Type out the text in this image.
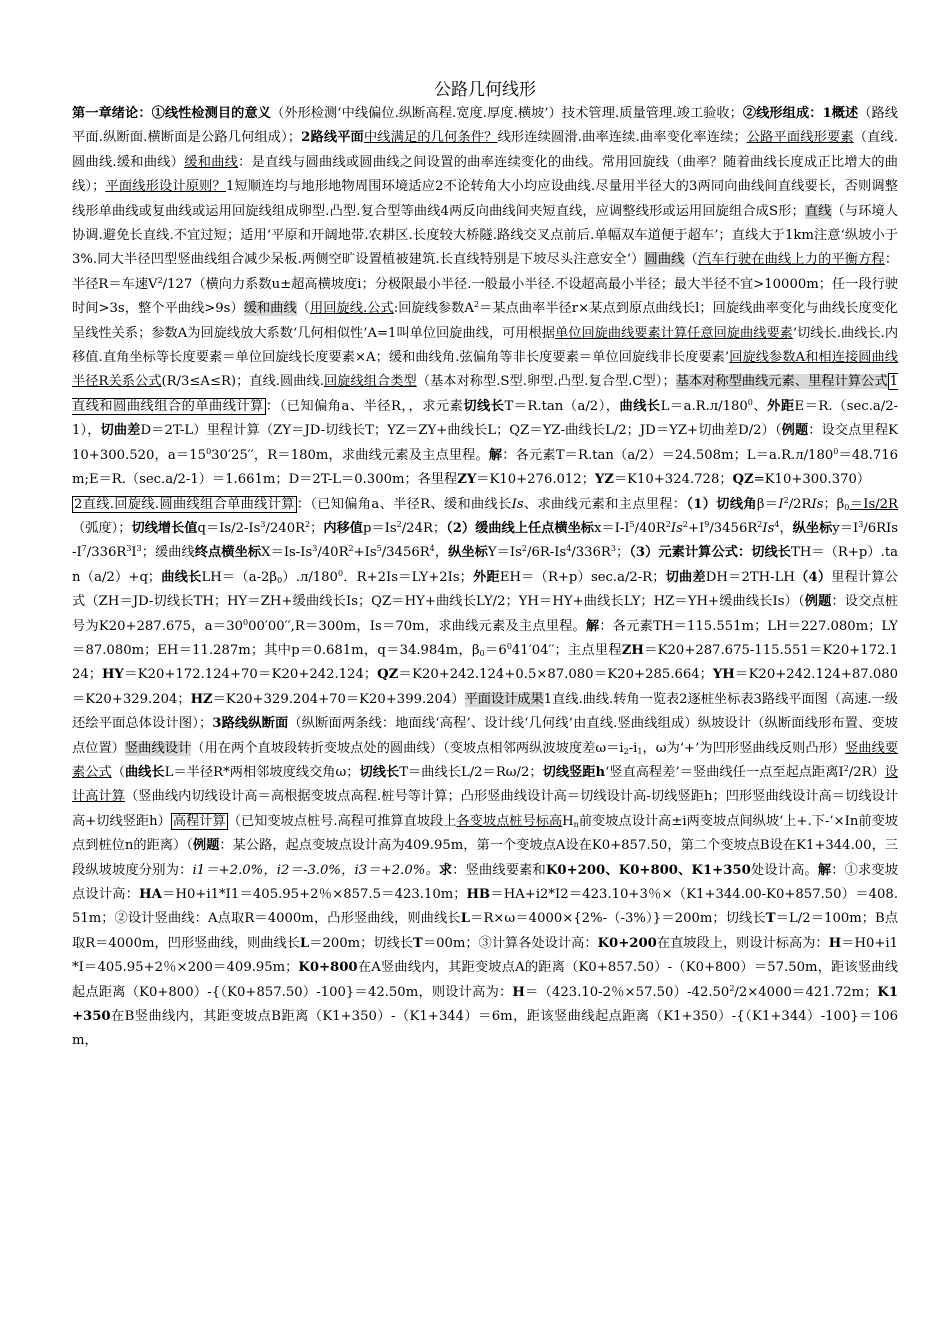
公路几何线形

第一章绪论：①线性检测目的意义（外形检测‘中线偏位.纵断高程.宽度.厚度.横坡’）技术管理.质量管理.竣工验收；②线形组成：1概述（路线平面.纵断面.横断面是公路几何组成）；2路线平面中线满足的几何条件？线形连续圆滑.曲率连续.曲率变化率连续；公路平面线形要素（直线.圆曲线.缓和曲线）缓和曲线：是直线与圆曲线或圆曲线之间设置的曲率连续变化的曲线。常用回旋线（曲率？随着曲线长度成正比增大的曲线）；平面线形设计原则？1短顺连均与地形地物周围环境适应2不论转角大小均应设曲线.尽量用半径大的3两同向曲线间直线要长，否则调整线形单曲线或复曲线或运用回旋线组成卵型.凸型.复合型等曲线4两反向曲线间夹短直线，应调整线形或运用回旋组合成S形；直线（与环境人协调.避免长直线.不宜过短；适用‘平原和开阔地带.农耕区.长度较大桥隧.路线交叉点前后.单幅双车道便于超车’；直线大于1km注意‘纵坡小于3%.同大半径凹型竖曲线组合减少呆板.两侧空旷设置植被建筑.长直线特别是下坡尽头注意安全’）圆曲线（汽车行驶在曲线上力的平衡方程：半径R＝车速$V^2/127$（横向力系数u±超高横坡度i；分极限最小半径.一般最小半径.不设超高最小半径；最大半径不宜>10000m；任一段行驶时间>3s，整个平曲线>9s）缓和曲线（用回旋线.公式:回旋线参数$A^2=$某点曲率半径r×某点到原点曲线长l；回旋线曲率变化与曲线长度变化呈线性关系；参数A为回旋线放大系数‘几何相似性’A=1叫单位回旋曲线，可用根据单位回旋曲线要素计算任意回旋曲线要素‘切线长.曲线长.内移值.直角坐标等长度要素＝单位回旋线长度要素×A；缓和曲线角.弦偏角等非长度要素＝单位回旋线非长度要素’回旋线参数A和相连接圆曲线半径R关系公式(R/3≤A≤R)；直线.圆曲线.回旋线组合类型（基本对称型.S型.卵型.凸型.复合型.C型）；基本对称型曲线元素、里程计算公式 1直线和圆曲线组合的单曲线计算 ：（已知偏角a、半径R，，求元素切线长T＝R.tan（a/2），曲线长$L=a.R.л/180^0$、外距E＝R.（sec.a/2-1），切曲差D＝2T-L）里程计算（ZY＝JD-切线长T；YZ＝ZY+曲线长L；QZ＝YZ-曲线长L/2；JD＝YZ+切曲差D/2）（例题：设交点里程K10+300.520，$a=15^030'25''$，R＝180m，求曲线元素及主点里程。解：各元素T＝R.tan（a/2）＝24.508m；$L=a.R.л/180^0=48.716m;E=R.(\sec.a/2-1)=1.661m$；D＝2T-L＝0.300m；各里程ZY＝K10+276.012；YZ＝K10+324.728；QZ=K10+300.370）

2直线.回旋线.圆曲线组合单曲线计算 ：（已知偏角a、半径R、缓和曲线长Is、求曲线元素和主点里程：（1）切线角$\beta=I^2/2RIs$；$\beta_0=Is/2R$（弧度）；切线增长值$q=Is/2-Is^3/240R^2$；内移值$p=Is^2/24R$；（2）缓曲线上任点横坐标$x=I-I^5/40R^2Is^2+I^9/3456R^2Is^4$，纵坐标$y=I^3/6RIs-I^7/336R^3I^3$；缓曲线终点横坐标$X=Is-Is^3/40R^2+Is^5/3456R^4$，纵坐标$Y=Is^2/6R-Is^4/336R^3$；（3）元素计算公式：切线长TH＝（R+p）.tan（a/2）+q；曲线长$LH=(a-2\beta_0).л/180^0$．R+2Is＝LY+2Is；外距EH＝（R+p）sec.a/2-R；切曲差DH＝2TH-LH（4）里程计算公式（ZH＝JD-切线长TH；HY＝ZH+缓曲线长Is；QZ＝HY+曲线长LY/2；YH＝HY+曲线长LY；HZ＝YH+缓曲线长Is）（例题：设交点桩号为K20+287.675，$a=30^000'00'',R=300m$，Is＝70m，求曲线元素及主点里程。解：各元素TH＝115.551m；LH＝227.080m；LY＝87.080m；EH＝11.287m；其中p＝0.681m，q＝34.984m，$\beta_0=6^041'04''$；主点里程ZH＝K20+287.675-115.551＝K20+172.124；HY＝K20+172.124+70＝K20+242.124；QZ＝K20+242.124+0.5×87.080＝K20+285.664；YH＝K20+242.124+87.080＝K20+329.204；HZ＝K20+329.204+70＝K20+399.204）平面设计成果1直线.曲线.转角一览表2逐桩坐标表3路线平面图（高速.一级还绘平面总体设计图）；3路线纵断面（纵断面两条线：地面线‘高程’、设计线‘几何线’由直线.竖曲线组成）纵坡设计（纵断面线形布置、变坡点位置）竖曲线设计（用在两个直坡段转折变坡点处的圆曲线）（变坡点相邻两纵波坡度差$\omega=i_2-i_1$，ω为‘+’为凹形竖曲线反则凸形）竖曲线要素公式（曲线长L＝半径R*两相邻坡度线交角ω；切线长T＝曲线长L/2＝Rω/2；切线竖距h‘竖直高程差’＝竖曲线任一点至起点距离$I^2/2R$）设计高计算（竖曲线内切线设计高＝高根据变坡点高程.桩号等计算；凸形竖曲线设计高＝切线设计高-切线竖距h；凹形竖曲线设计高＝切线设计高+切线竖距h） 高程计算 （已知变坡点桩号.高程可推算直坡段上各变坡点桩号标高$H_n$前变坡点设计高±i两变坡点间纵坡‘上+.下-’×In前变坡点到桩位n的距离）（例题：某公路，起点变坡点设计高为409.95m，第一个变坡点A设在K0+857.50，第二个变坡点B设在K1+344.00，三段纵坡坡度分别为：i1＝+2.0%，i2＝-3.0%，i3＝+2.0%。求：竖曲线要素和K0+200、K0+800、K1+350处设计高。解：①求变坡点设计高：HA＝H0+i1*I1＝405.95+2％×857.5＝423.10m；HB＝HA+i2*I2＝423.10+3％×（K1+344.00-K0+857.50）＝408.51m；②设计竖曲线：A点取R＝4000m，凸形竖曲线，则曲线长L＝R×ω＝4000×{2%-（-3%）}＝200m；切线长T＝L/2＝100m；B点取R＝4000m，凹形竖曲线，则曲线长L＝200m；切线长T＝00m；③计算各处设计高：K0+200在直坡段上，则设计标高为：H＝H0+i1*I＝405.95+2％×200＝409.95m；K0+800在A竖曲线内，其距变坡点A的距离（K0+857.50）-（K0+800）＝57.50m，距该竖曲线起点距离（K0+800）-{（K0+857.50）-100}＝42.50m，则设计高为：H＝（423.10-2％$\times 57.50)-42.50^2/2\times 4000=421.72m$；K1+350在B竖曲线内，其距变坡点B距离（K1+350）-（K1+344）＝6m，距该竖曲线起点距离（K1+350）-{（K1+344）-100}＝106m，
